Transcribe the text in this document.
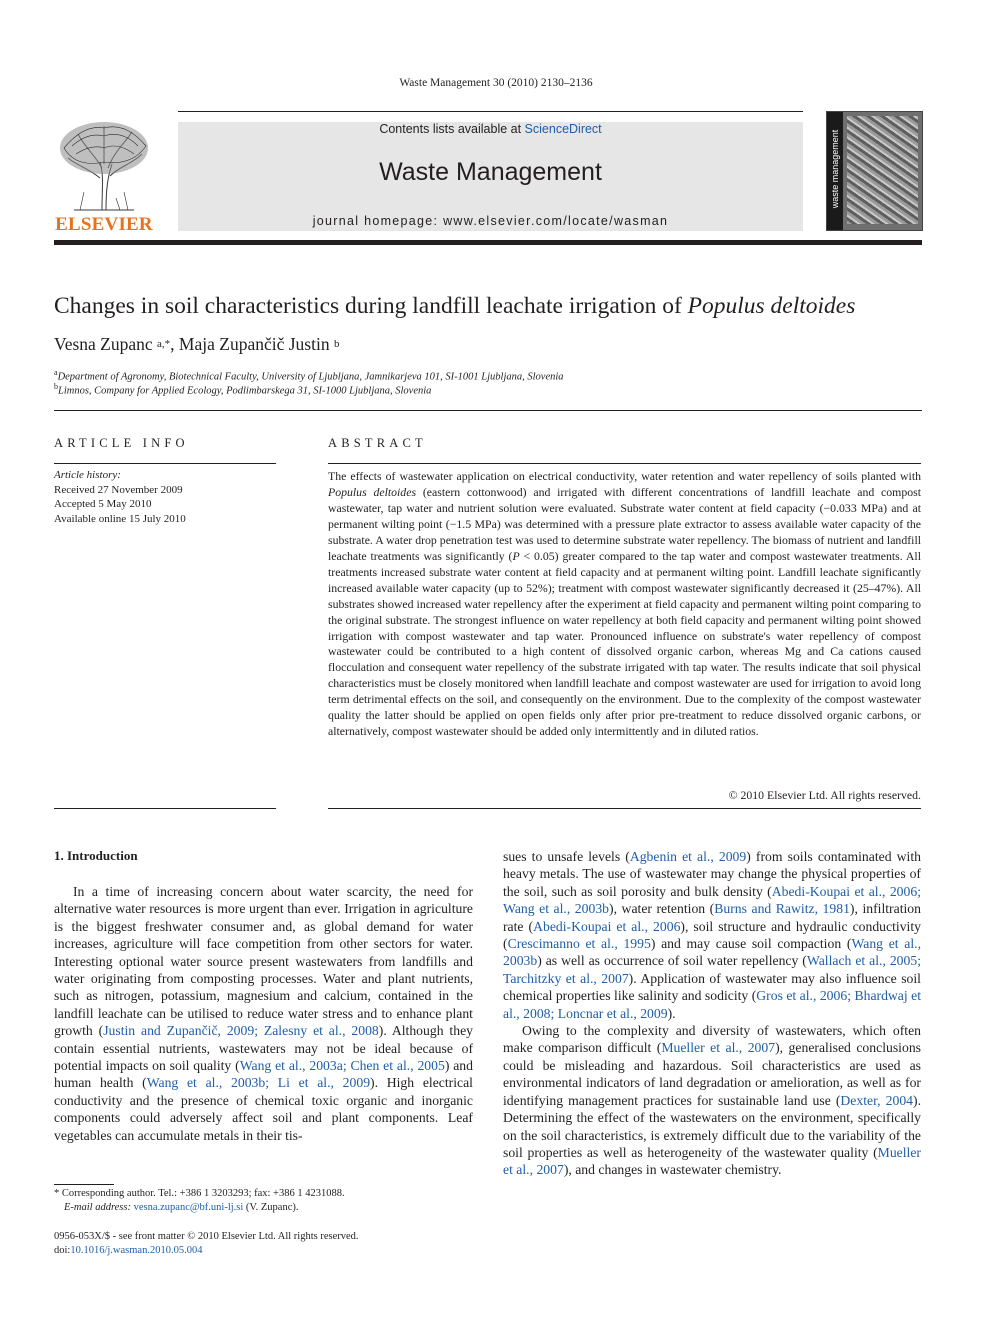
Waste Management 30 (2010) 2130–2136
ELSEVIER
Contents lists available at ScienceDirect
Waste Management
journal homepage: www.elsevier.com/locate/wasman
waste management
Changes in soil characteristics during landfill leachate irrigation of Populus deltoides
Vesna Zupanc $^{a,*}$, Maja Zupančič Justin $^b$
$^a$Department of Agronomy, Biotechnical Faculty, University of Ljubljana, Jamnikarjeva 101, SI-1001 Ljubljana, Slovenia
$^b$Limnos, Company for Applied Ecology, Podlimbarskega 31, SI-1000 Ljubljana, Slovenia
ARTICLE INFO
Article history:
Received 27 November 2009
Accepted 5 May 2010
Available online 15 July 2010
ABSTRACT
The effects of wastewater application on electrical conductivity, water retention and water repellency of soils planted with Populus deltoides (eastern cottonwood) and irrigated with different concentrations of landfill leachate and compost wastewater, tap water and nutrient solution were evaluated. Substrate water content at field capacity (−0.033 MPa) and at permanent wilting point (−1.5 MPa) was determined with a pressure plate extractor to assess available water capacity of the substrate. A water drop penetration test was used to determine substrate water repellency. The biomass of nutrient and landfill leachate treatments was significantly (P < 0.05) greater compared to the tap water and compost wastewater treatments. All treatments increased substrate water content at field capacity and at permanent wilting point. Landfill leachate significantly increased available water capacity (up to 52%); treatment with compost wastewater significantly decreased it (25–47%). All substrates showed increased water repellency after the experiment at field capacity and permanent wilting point comparing to the original substrate. The strongest influence on water repellency at both field capacity and permanent wilting point showed irrigation with compost wastewater and tap water. Pronounced influence on substrate's water repellency of compost wastewater could be contributed to a high content of dissolved organic carbon, whereas Mg and Ca cations caused flocculation and consequent water repellency of the substrate irrigated with tap water. The results indicate that soil physical characteristics must be closely monitored when landfill leachate and compost wastewater are used for irrigation to avoid long term detrimental effects on the soil, and consequently on the environment. Due to the complexity of the compost wastewater quality the latter should be applied on open fields only after prior pre-treatment to reduce dissolved organic carbons, or alternatively, compost wastewater should be added only intermittently and in diluted ratios.
© 2010 Elsevier Ltd. All rights reserved.
1. Introduction

In a time of increasing concern about water scarcity, the need for alternative water resources is more urgent than ever. Irrigation in agriculture is the biggest freshwater consumer and, as global demand for water increases, agriculture will face competition from other sectors for water. Interesting optional water source present wastewaters from landfills and water originating from composting processes. Water and plant nutrients, such as nitrogen, potassium, magnesium and calcium, contained in the landfill leachate can be utilised to reduce water stress and to enhance plant growth (Justin and Zupančič, 2009; Zalesny et al., 2008). Although they contain essential nutrients, wastewaters may not be ideal because of potential impacts on soil quality (Wang et al., 2003a; Chen et al., 2005) and human health (Wang et al., 2003b; Li et al., 2009). High electrical conductivity and the presence of chemical toxic organic and inorganic components could adversely affect soil and plant components. Leaf vegetables can accumulate metals in their tis-

sues to unsafe levels (Agbenin et al., 2009) from soils contaminated with heavy metals. The use of wastewater may change the physical properties of the soil, such as soil porosity and bulk density (Abedi-Koupai et al., 2006; Wang et al., 2003b), water retention (Burns and Rawitz, 1981), infiltration rate (Abedi-Koupai et al., 2006), soil structure and hydraulic conductivity (Crescimanno et al., 1995) and may cause soil compaction (Wang et al., 2003b) as well as occurrence of soil water repellency (Wallach et al., 2005; Tarchitzky et al., 2007). Application of wastewater may also influence soil chemical properties like salinity and sodicity (Gros et al., 2006; Bhardwaj et al., 2008; Loncnar et al., 2009).

Owing to the complexity and diversity of wastewaters, which often make comparison difficult (Mueller et al., 2007), generalised conclusions could be misleading and hazardous. Soil characteristics are used as environmental indicators of land degradation or amelioration, as well as for identifying management practices for sustainable land use (Dexter, 2004). Determining the effect of the wastewaters on the environment, specifically on the soil characteristics, is extremely difficult due to the variability of the soil properties as well as heterogeneity of the wastewater quality (Mueller et al., 2007), and changes in wastewater chemistry.

* Corresponding author. Tel.: +386 1 3203293; fax: +386 1 4231088.
E-mail address: vesna.zupanc@bf.uni-lj.si (V. Zupanc).
0956-053X/$ - see front matter © 2010 Elsevier Ltd. All rights reserved.
doi:10.1016/j.wasman.2010.05.004
